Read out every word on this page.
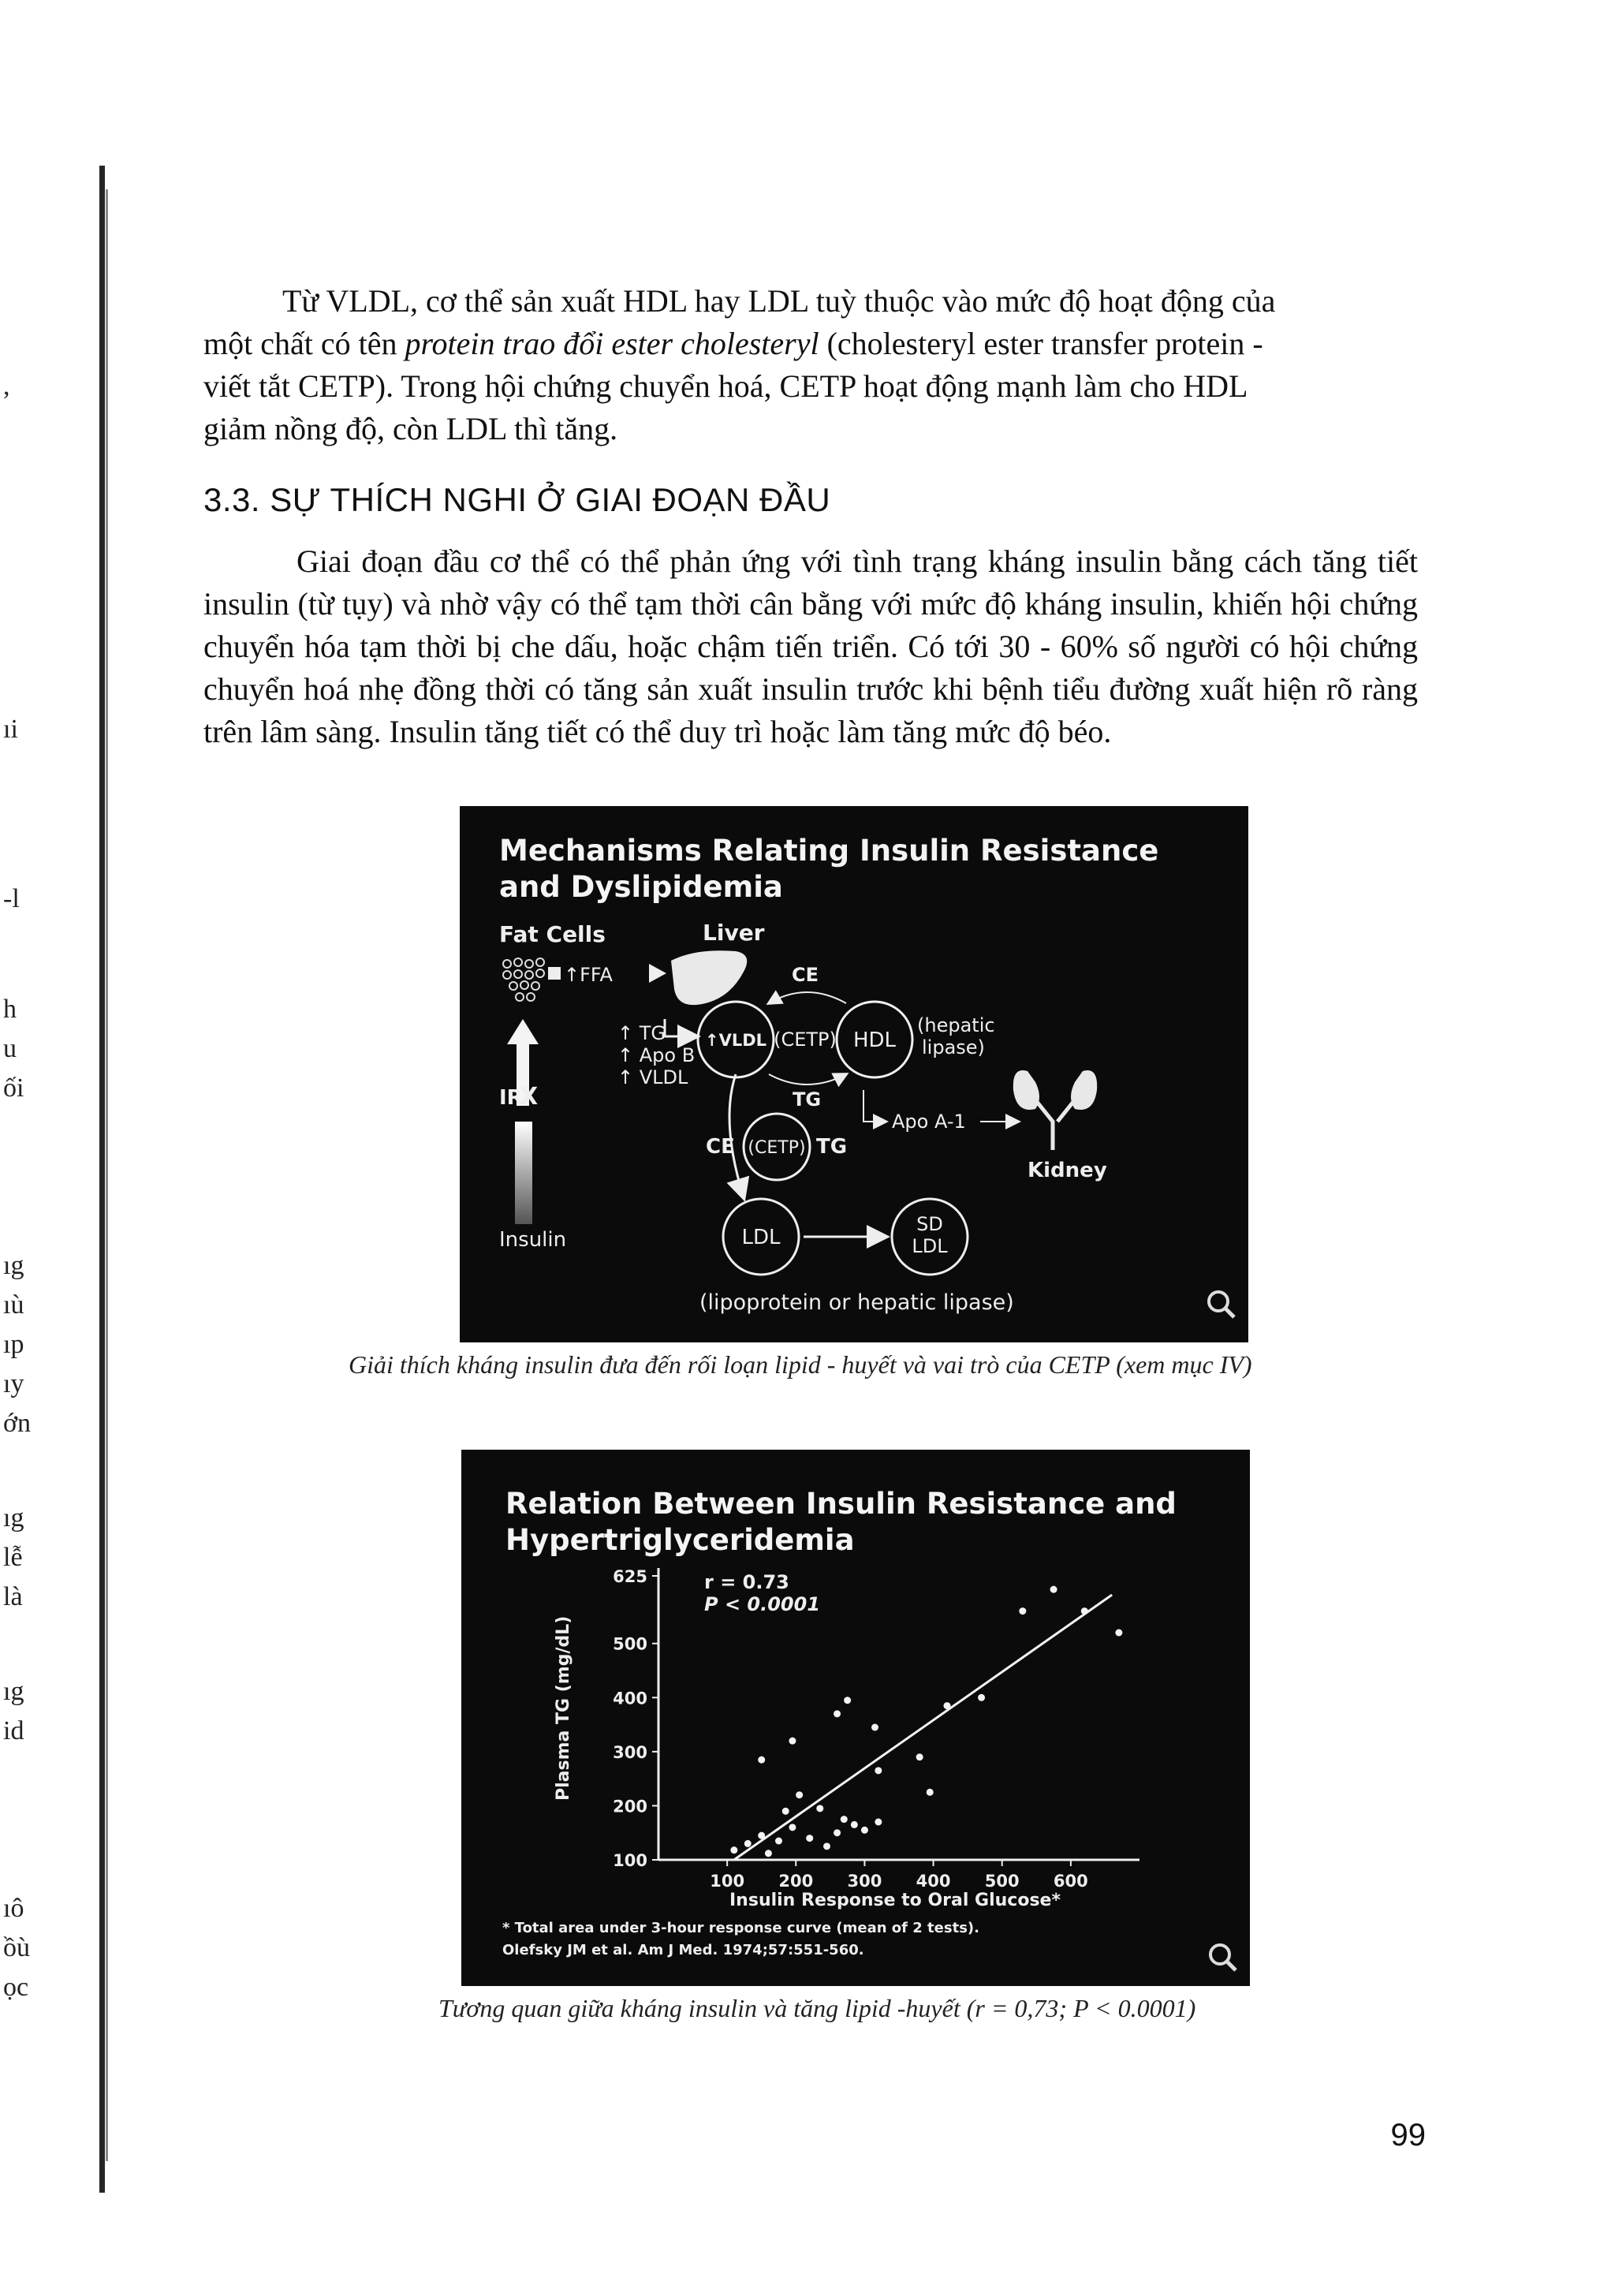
,
ıi
-l
h
u
ối
ıg
ıù
ıp
ıy
ớn
ıg
lễ
là
ıg
id
ıô
ồù
ọc
Từ VLDL, cơ thể sản xuất HDL hay LDL tuỳ thuộc vào mức độ hoạt động của
một chất có tên protein trao đổi ester cholesteryl (cholesteryl ester transfer protein -
viết tắt CETP). Trong hội chứng chuyển hoá, CETP hoạt động mạnh làm cho HDL
giảm nồng độ, còn LDL thì tăng.
3.3. SỰ THÍCH NGHI Ở GIAI ĐOẠN ĐẦU
Giai đoạn đầu cơ thể có thể phản ứng với tình trạng kháng insulin bằng cách tăng tiết insulin (từ tụy) và nhờ vậy có thể tạm thời cân bằng với mức độ kháng insulin, khiến hội chứng chuyển hóa tạm thời bị che dấu, hoặc chậm tiến triển. Có tới 30 - 60% số người có hội chứng chuyển hoá nhẹ đồng thời có tăng sản xuất insulin trước khi bệnh tiểu đường xuất hiện rõ ràng trên lâm sàng. Insulin tăng tiết có thể duy trì hoặc làm tăng mức độ béo.
Mechanisms Relating Insulin Resistance
and Dyslipidemia
Fat Cells	Liver
↑FFA
IR
X
Insulin
↑ TG
↑ Apo B
↑ VLDL
↑VLDL (CETP) HDL
CE
(hepatic
lipase)
TG
CE (CETP) TG
Apo A-1
Kidney
LDL
SD
LDL
(lipoprotein or hepatic lipase)
Giải thích kháng insulin đưa đến rối loạn lipid - huyết và vai trò của CETP (xem mục IV)
Relation Between Insulin Resistance and
Hypertriglyceridemia
Plasma TG (mg/dL)
Insulin Response to Oral Glucose*
r = 0.73
P < 0.0001
* Total area under 3-hour response curve (mean of 2 tests).
Olefsky JM et al. Am J Med. 1974;57:551-560.
100
200
300
400
500
625
100 200 300 400 500 600
Tương quan giữa kháng insulin và tăng lipid -huyết (r = 0,73; P < 0.0001)
99
